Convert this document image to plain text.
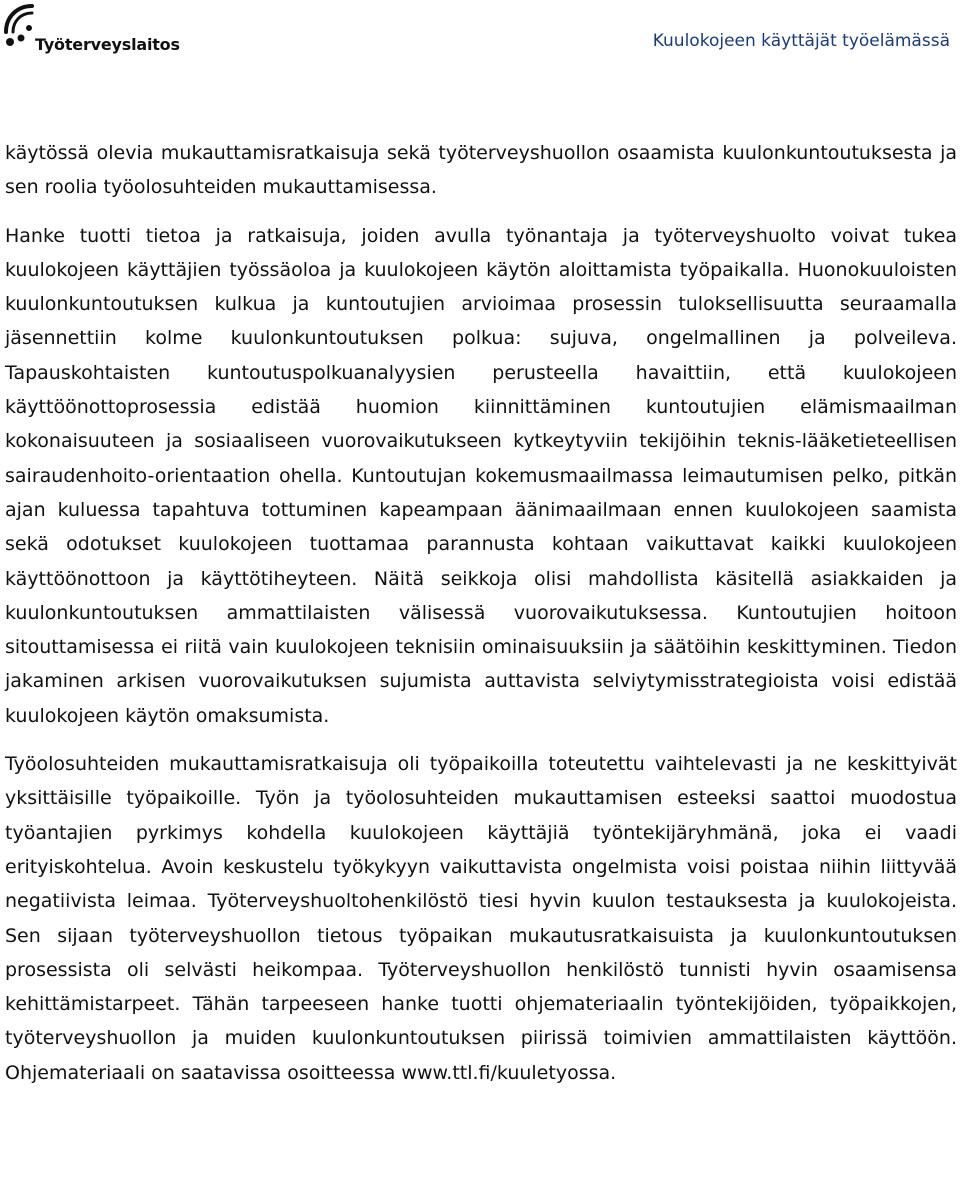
Työterveyslaitos	Kuulokojeen käyttäjät työelämässä

käytössä olevia mukauttamisratkaisuja sekä työterveyshuollon osaamista kuulonkuntoutuksesta ja sen roolia työolosuhteiden mukauttamisessa.

Hanke tuotti tietoa ja ratkaisuja, joiden avulla työnantaja ja työterveyshuolto voivat tukea kuulokojeen käyttäjien työssäoloa ja kuulokojeen käytön aloittamista työpaikalla. Huonokuuloisten kuulonkuntoutuksen kulkua ja kuntoutujien arvioimaa prosessin tuloksellisuutta seuraamalla jäsennettiin kolme kuulonkuntoutuksen polkua: sujuva, ongelmallinen ja polveileva. Tapauskohtaisten kuntoutuspolkuanalyysien perusteella havaittiin, että kuulokojeen käyttöönottoprosessia edistää huomion kiinnittäminen kuntoutujien elämismaailman kokonaisuuteen ja sosiaaliseen vuorovaikutukseen kytkeytyviin tekijöihin teknis-lääketieteellisen sairaudenhoito-orientaation ohella. Kuntoutujan kokemusmaailmassa leimautumisen pelko, pitkän ajan kuluessa tapahtuva tottuminen kapeampaan äänimaailmaan ennen kuulokojeen saamista sekä odotukset kuulokojeen tuottamaa parannusta kohtaan vaikuttavat kaikki kuulokojeen käyttöönottoon ja käyttötiheyteen. Näitä seikkoja olisi mahdollista käsitellä asiakkaiden ja kuulonkuntoutuksen ammattilaisten välisessä vuorovaikutuksessa. Kuntoutujien hoitoon sitouttamisessa ei riitä vain kuulokojeen teknisiin ominaisuuksiin ja säätöihin keskittyminen. Tiedon jakaminen arkisen vuorovaikutuksen sujumista auttavista selviytymisstrategioista voisi edistää kuulokojeen käytön omaksumista.

Työolosuhteiden mukauttamisratkaisuja oli työpaikoilla toteutettu vaihtelevasti ja ne keskittyivät yksittäisille työpaikoille. Työn ja työolosuhteiden mukauttamisen esteeksi saattoi muodostua työantajien pyrkimys kohdella kuulokojeen käyttäjiä työntekijäryhmänä, joka ei vaadi erityiskohtelua. Avoin keskustelu työkykyyn vaikuttavista ongelmista voisi poistaa niihin liittyvää negatiivista leimaa. Työterveyshuoltohenkilöstö tiesi hyvin kuulon testauksesta ja kuulokojeista. Sen sijaan työterveyshuollon tietous työpaikan mukautusratkaisuista ja kuulonkuntoutuksen prosessista oli selvästi heikompaa. Työterveyshuollon henkilöstö tunnisti hyvin osaamisensa kehittämistarpeet. Tähän tarpeeseen hanke tuotti ohjemateriaalin työntekijöiden, työpaikkojen, työterveyshuollon ja muiden kuulonkuntoutuksen piirissä toimivien ammattilaisten käyttöön. Ohjemateriaali on saatavissa osoitteessa www.ttl.fi/kuuletyossa.
